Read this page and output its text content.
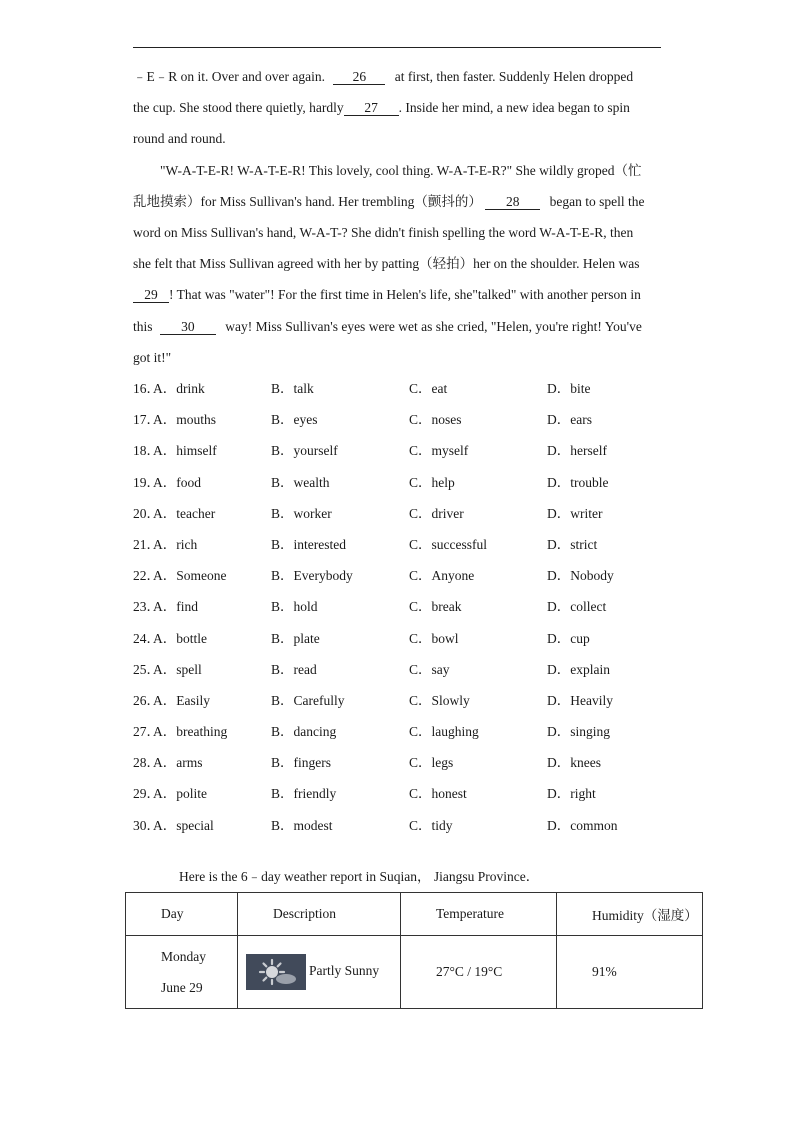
﹣E﹣R on it. Over and over again. 26 at first, then faster. Suddenly Helen dropped
the cup. She stood there quietly, hardly 27 . Inside her mind, a new idea began to spin
round and round.
"W-A-T-E-R! W-A-T-E-R! This lovely, cool thing. W-A-T-E-R?" She wildly groped（忙
乱地摸索）for Miss Sullivan's hand. Her trembling（颤抖的） 28 began to spell the
word on Miss Sullivan's hand, W-A-T-? She didn't finish spelling the word W-A-T-E-R, then
she felt that Miss Sullivan agreed with her by patting（轻拍）her on the shoulder. Helen was
29 ! That was "water"! For the first time in Helen's life, she"talked" with another person in
this 30 way! Miss Sullivan's eyes were wet as she cried, "Helen, you're right! You've
got it!"
16．
A．drink	B．talk	C．eat	D．bite
17．
A．mouths	B．eyes	C．noses	D．ears
18．
A．himself	B．yourself	C．myself	D．herself
19．
A．food	B．wealth	C．help	D．trouble
20．
A．teacher	B．worker	C．driver	D．writer
21．
A．rich	B．interested	C．successful	D．strict
22．
A．Someone	B．Everybody	C．Anyone	D．Nobody
23．
A．find	B．hold	C．break	D．collect
24．
A．bottle	B．plate	C．bowl	D．cup
25．
A．spell	B．read	C．say	D．explain
26．
A．Easily	B．Carefully	C．Slowly	D．Heavily
27．
A．breathing	B．dancing	C．laughing	D．singing
28．
A．arms	B．fingers	C．legs	D．knees
29．
A．polite	B．friendly	C．honest	D．right
30．
A．special	B．modest	C．tidy	D．common
Here is the 6﹣day weather report in Suqian， Jiangsu Province．
Day	Description	Temperature	Humidity（湿度）

Monday
June 29	Partly Sunny	27°C / 19°C	91%
